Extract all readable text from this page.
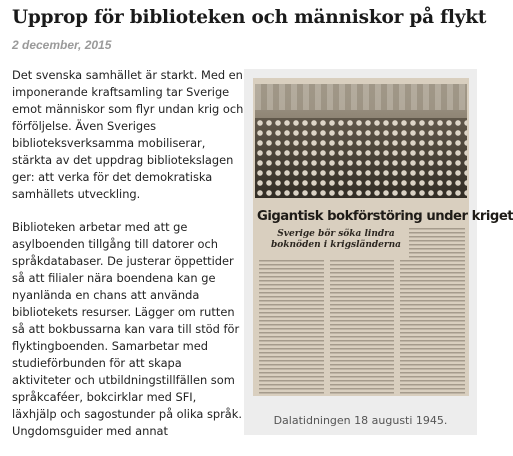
Upprop för biblioteken och människor på flykt
2 december, 2015

Det svenska samhället är starkt. Med en imponerande kraftsamling tar Sverige emot människor som flyr undan krig och förföljelse. Även Sveriges biblioteksverksamma mobiliserar, stärkta av det uppdrag bibliotekslagen ger: att verka för det demokratiska samhällets utveckling.

Biblioteken arbetar med att ge asylboenden tillgång till datorer och språkdatabaser. De justerar öppettider så att filialer nära boendena kan ge nyanlända en chans att använda bibliotekets resurser. Lägger om rutten så att bokbussarna kan vara till stöd för flyktingboenden. Samarbetar med studieförbunden för att skapa aktiviteter och utbildningstillfällen som språkcaféer, bokcirklar med SFI, läxhjälp och sagostunder på olika språk. Ungdomsguider med annat

Gigantisk bokförstöring under kriget
Sverige bör söka lindra boknöden i krigsländerna
Dalatidningen 18 augusti 1945.
